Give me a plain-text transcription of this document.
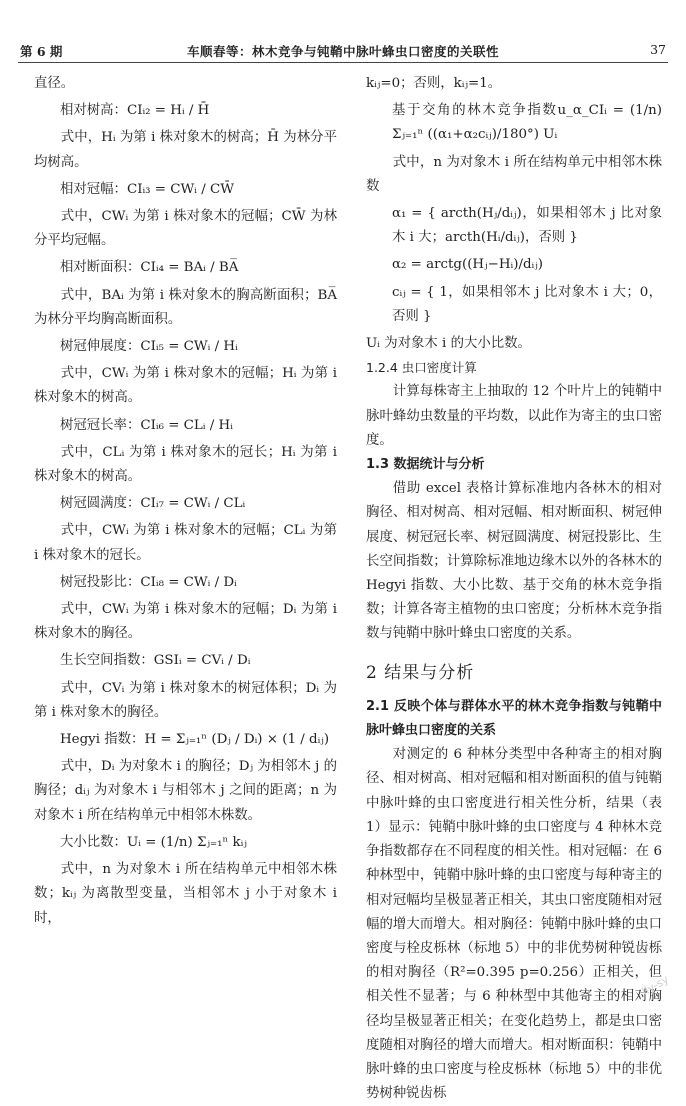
第 6 期	车顺春等：林木竞争与钝鞘中脉叶蜂虫口密度的关联性	37

直径。

相对树高：CIᵢ₂ = Hᵢ / H̄

式中，Hᵢ 为第 i 株对象木的树高；H̄ 为林分平均树高。

相对冠幅：CIᵢ₃ = CWᵢ / CW̄

式中，CWᵢ 为第 i 株对象木的冠幅；CW̄ 为林分平均冠幅。

相对断面积：CIᵢ₄ = BAᵢ / BA̅

式中，BAᵢ 为第 i 株对象木的胸高断面积；BA̅ 为林分平均胸高断面积。

树冠伸展度：CIᵢ₅ = CWᵢ / Hᵢ

式中，CWᵢ 为第 i 株对象木的冠幅；Hᵢ 为第 i 株对象木的树高。

树冠冠长率：CIᵢ₆ = CLᵢ / Hᵢ

式中，CLᵢ 为第 i 株对象木的冠长；Hᵢ 为第 i 株对象木的树高。

树冠圆满度：CIᵢ₇ = CWᵢ / CLᵢ

式中，CWᵢ 为第 i 株对象木的冠幅；CLᵢ 为第 i 株对象木的冠长。

树冠投影比：CIᵢ₈ = CWᵢ / Dᵢ

式中，CWᵢ 为第 i 株对象木的冠幅；Dᵢ 为第 i 株对象木的胸径。

生长空间指数：GSIᵢ = CVᵢ / Dᵢ

式中，CVᵢ 为第 i 株对象木的树冠体积；Dᵢ 为第 i 株对象木的胸径。

Hegyi 指数：H = Σⱼ₌₁ⁿ (Dⱼ / Dᵢ) × (1 / dᵢⱼ)

式中，Dᵢ 为对象木 i 的胸径；Dⱼ 为相邻木 j 的胸径；dᵢⱼ 为对象木 i 与相邻木 j 之间的距离；n 为对象木 i 所在结构单元中相邻木株数。

大小比数：Uᵢ = (1/n) Σⱼ₌₁ⁿ kᵢⱼ

式中，n 为对象木 i 所在结构单元中相邻木株数；kᵢⱼ 为离散型变量，当相邻木 j 小于对象木 i 时，

kᵢⱼ=0；否则，kᵢⱼ=1。

基于交角的林木竞争指数u_α_CIᵢ = (1/n) Σⱼ₌₁ⁿ ((α₁+α₂cᵢⱼ)/180°) Uᵢ

式中，n 为对象木 i 所在结构单元中相邻木株数

α₁ = { arcth(Hⱼ/dᵢⱼ)，如果相邻木 j 比对象木 i 大；arcth(Hᵢ/dᵢⱼ)，否则 }

α₂ = arctg((Hⱼ−Hᵢ)/dᵢⱼ)

cᵢⱼ = { 1，如果相邻木 j 比对象木 i 大；0，否则 }

Uᵢ 为对象木 i 的大小比数。

1.2.4 虫口密度计算

计算每株寄主上抽取的 12 个叶片上的钝鞘中脉叶蜂幼虫数量的平均数，以此作为寄主的虫口密度。

1.3 数据统计与分析

借助 excel 表格计算标准地内各林木的相对胸径、相对树高、相对冠幅、相对断面积、树冠伸展度、树冠冠长率、树冠圆满度、树冠投影比、生长空间指数；计算除标准地边缘木以外的各林木的 Hegyi 指数、大小比数、基于交角的林木竞争指数；计算各寄主植物的虫口密度；分析林木竞争指数与钝鞘中脉叶蜂虫口密度的关系。

2 结果与分析

2.1 反映个体与群体水平的林木竞争指数与钝鞘中脉叶蜂虫口密度的关系

对测定的 6 种林分类型中各种寄主的相对胸径、相对树高、相对冠幅和相对断面积的值与钝鞘中脉叶蜂的虫口密度进行相关性分析，结果（表 1）显示：钝鞘中脉叶蜂的虫口密度与 4 种林木竞争指数都存在不同程度的相关性。相对冠幅：在 6 种林型中，钝鞘中脉叶蜂的虫口密度与每种寄主的相对冠幅均呈极显著正相关，其虫口密度随相对冠幅的增大而增大。相对胸径：钝鞘中脉叶蜂的虫口密度与栓皮栎林（标地 5）中的非优势树种锐齿栎的相对胸径（R²=0.395 p=0.256）正相关，但相关性不显著；与 6 种林型中其他寄主的相对胸径均呈极显著正相关；在变化趋势上，都是虫口密度随相对胸径的增大而增大。相对断面积：钝鞘中脉叶蜂的虫口密度与栓皮栎林（标地 5）中的非优势树种锐齿栎

lly-sy
